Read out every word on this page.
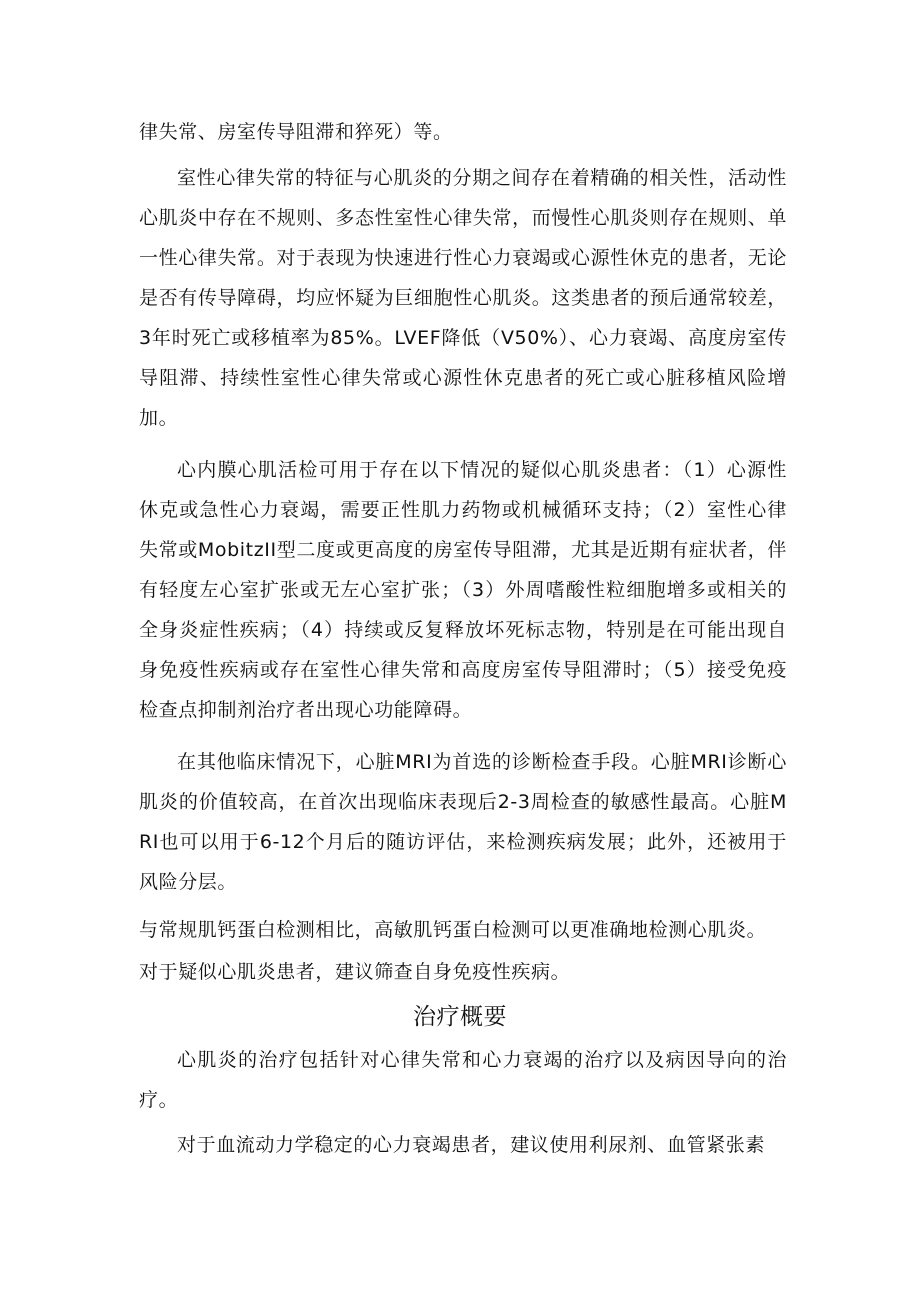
律失常、房室传导阻滞和猝死）等。

室性心律失常的特征与心肌炎的分期之间存在着精确的相关性，活动性心肌炎中存在不规则、多态性室性心律失常，而慢性心肌炎则存在规则、单一性心律失常。对于表现为快速进行性心力衰竭或心源性休克的患者，无论是否有传导障碍，均应怀疑为巨细胞性心肌炎。这类患者的预后通常较差，3年时死亡或移植率为85%。LVEF降低（V50%）、心力衰竭、高度房室传导阻滞、持续性室性心律失常或心源性休克患者的死亡或心脏移植风险增加。

心内膜心肌活检可用于存在以下情况的疑似心肌炎患者：（1）心源性休克或急性心力衰竭，需要正性肌力药物或机械循环支持；（2）室性心律失常或MobitzII型二度或更高度的房室传导阻滞，尤其是近期有症状者，伴有轻度左心室扩张或无左心室扩张；（3）外周嗜酸性粒细胞增多或相关的全身炎症性疾病；（4）持续或反复释放坏死标志物，特别是在可能出现自身免疫性疾病或存在室性心律失常和高度房室传导阻滞时；（5）接受免疫检查点抑制剂治疗者出现心功能障碍。

在其他临床情况下，心脏MRI为首选的诊断检查手段。心脏MRI诊断心肌炎的价值较高，在首次出现临床表现后2-3周检查的敏感性最高。心脏MRI也可以用于6-12个月后的随访评估，来检测疾病发展；此外，还被用于风险分层。

与常规肌钙蛋白检测相比，高敏肌钙蛋白检测可以更准确地检测心肌炎。

对于疑似心肌炎患者，建议筛查自身免疫性疾病。

治疗概要

心肌炎的治疗包括针对心律失常和心力衰竭的治疗以及病因导向的治疗。

对于血流动力学稳定的心力衰竭患者，建议使用利尿剂、血管紧张素
